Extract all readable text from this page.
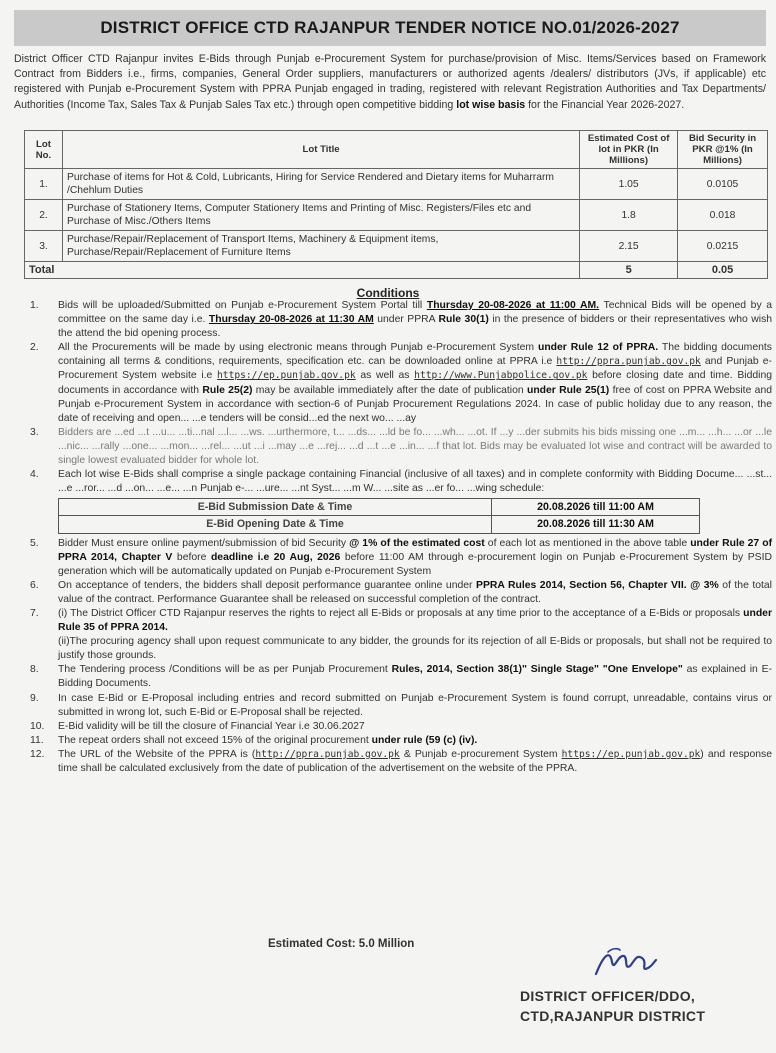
DISTRICT OFFICE CTD RAJANPUR TENDER NOTICE NO.01/2026-2027
District Officer CTD Rajanpur invites E-Bids through Punjab e-Procurement System for purchase/provision of Misc. Items/Services based on Framework Contract from Bidders i.e., firms, companies, General Order suppliers, manufacturers or authorized agents /dealers/ distributors (JVs, if applicable) etc registered with Punjab e-Procurement System with PPRA Punjab engaged in trading, registered with relevant Registration Authorities and Tax Departments/ Authorities (Income Tax, Sales Tax & Punjab Sales Tax etc.) through open competitive bidding lot wise basis for the Financial Year 2026-2027.
Lot No.	Lot Title	Estimated Cost of lot in PKR (In Millions)	Bid Security in PKR @1% (In Millions)
1.	Purchase of items for Hot & Cold, Lubricants, Hiring for Service Rendered and Dietary items for Muharrarm /Chehlum Duties	1.05	0.0105
2.	Purchase of Stationery Items, Computer Stationery Items and Printing of Misc. Registers/Files etc and Purchase of Misc./Others Items	1.8	0.018
3.	Purchase/Repair/Replacement of Transport Items, Machinery & Equipment items, Purchase/Repair/Replacement of Furniture Items	2.15	0.0215
Total		5	0.05
Conditions
1.	Bids will be uploaded/Submitted on Punjab e-Procurement System Portal till Thursday 20-08-2026 at 11:00 AM. Technical Bids will be opened by a committee on the same day i.e. Thursday 20-08-2026 at 11:30 AM under PPRA Rule 30(1) in the presence of bidders or their representatives who wish the attend the bid opening process.
2.	All the Procurements will be made by using electronic means through Punjab e-Procurement System under Rule 12 of PPRA. The bidding documents containing all terms & conditions, requirements, specification etc. can be downloaded online at PPRA i.e http://ppra.punjab.gov.pk and Punjab e-Procurement System website i.e https://ep.punjab.gov.pk as well as http://www.Punjabpolice.gov.pk before closing date and time. Bidding documents in accordance with Rule 25(2) may be available immediately after the date of publication under Rule 25(1) free of cost on PPRA Website and Punjab e-Procurement System in accordance with section-6 of Punjab Procurement Regulations 2024. In case of public holiday due to any reason, the date of receiving and open... ...e tenders will be consid...ed the next wo... ...ay
3.	Bidders are ...ed ...t ...u... ...ti...nal ...l... ...ws. ...urthermore, t... ...ds... ...ld be fo... ...wh... ...ot. If ...y ...der submits his bids missing one ...m... ...h... ...or ...le ...nic... ...rally ...one... ...mon... ...rel... ...ut ...i ...may ...e ...rej... ...d ...t ...e ...in... ...f that lot. Bids may be evaluated lot wise and contract will be awarded to single lowest evaluated bidder for whole lot.
4.	Each lot wise E-Bids shall comprise a single package containing Financial (inclusive of all taxes) and in complete conformity with Bidding Docume... ...st... ...e ...ror... ...d ...on... ...e... ...n Punjab e-... ...ure... ...nt Syst... ...m W... ...site as ...er fo... ...wing schedule:
E-Bid Submission Date & Time	20.08.2026 till 11:00 AM
E-Bid Opening Date & Time	20.08.2026 till 11:30 AM
5.	Bidder Must ensure online payment/submission of bid Security @ 1% of the estimated cost of each lot as mentioned in the above table under Rule 27 of PPRA 2014, Chapter V before deadline i.e 20 Aug, 2026 before 11:00 AM through e-procurement login on Punjab e-Procurement System by PSID generation which will be automatically updated on Punjab e-Procurement System
6.	On acceptance of tenders, the bidders shall deposit performance guarantee online under PPRA Rules 2014, Section 56, Chapter VII. @ 3% of the total value of the contract. Performance Guarantee shall be released on successful completion of the contract.
7.	(i) The District Officer CTD Rajanpur reserves the rights to reject all E-Bids or proposals at any time prior to the acceptance of a E-Bids or proposals under Rule 35 of PPRA 2014.
(ii)The procuring agency shall upon request communicate to any bidder, the grounds for its rejection of all E-Bids or proposals, but shall not be required to justify those grounds.
8.	The Tendering process /Conditions will be as per Punjab Procurement Rules, 2014, Section 38(1)" Single Stage" "One Envelope" as explained in E-Bidding Documents.
9.	In case E-Bid or E-Proposal including entries and record submitted on Punjab e-Procurement System is found corrupt, unreadable, contains virus or submitted in wrong lot, such E-Bid or E-Proposal shall be rejected.
10.	E-Bid validity will be till the closure of Financial Year i.e 30.06.2027
11.	The repeat orders shall not exceed 15% of the original procurement under rule (59 (c) (iv).
12.	The URL of the Website of the PPRA is (http://ppra.punjab.gov.pk & Punjab e-procurement System https://ep.punjab.gov.pk) and response time shall be calculated exclusively from the date of publication of the advertisement on the website of the PPRA.
Estimated Cost: 5.0 Million
DISTRICT OFFICER/DDO,
CTD,RAJANPUR DISTRICT
